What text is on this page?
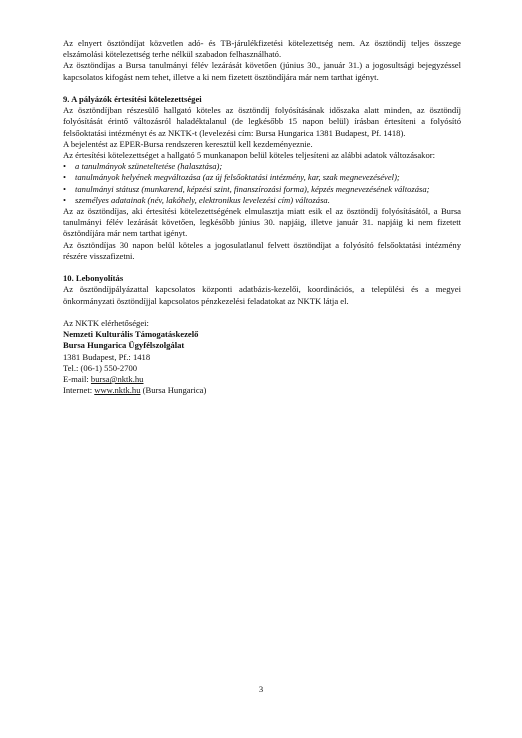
Az elnyert ösztöndíjat közvetlen adó- és TB-járulékfizetési kötelezettség nem. Az ösztöndíj teljes összege elszámolási kötelezettség terhe nélkül szabadon felhasználható.

Az ösztöndíjas a Bursa tanulmányi félév lezárását követően (június 30., január 31.) a jogosultsági bejegyzéssel kapcsolatos kifogást nem tehet, illetve a ki nem fizetett ösztöndíjára már nem tarthat igényt.

9. A pályázók értesítési kötelezettségei

Az ösztöndíjban részesülő hallgató köteles az ösztöndíj folyósításának időszaka alatt minden, az ösztöndíj folyósítását érintő változásról haladéktalanul (de legkésőbb 15 napon belül) írásban értesíteni a folyósító felsőoktatási intézményt és az NKTK-t (levelezési cím: Bursa Hungarica 1381 Budapest, Pf. 1418).

A bejelentést az EPER-Bursa rendszeren keresztül kell kezdeményeznie.

Az értesítési kötelezettséget a hallgató 5 munkanapon belül köteles teljesíteni az alábbi adatok változásakor:

• a tanulmányok szüneteltetése (halasztása);
• tanulmányok helyének megváltozása (az új felsőoktatási intézmény, kar, szak megnevezésével);
• tanulmányi státusz (munkarend, képzési szint, finanszírozási forma), képzés megnevezésének változása;
• személyes adatainak (név, lakóhely, elektronikus levelezési cím) változása.

Az az ösztöndíjas, aki értesítési kötelezettségének elmulasztja miatt esik el az ösztöndíj folyósításától, a Bursa tanulmányi félév lezárását követően, legkésőbb június 30. napjáig, illetve január 31. napjáig ki nem fizetett ösztöndíjára már nem tarthat igényt.

Az ösztöndíjas 30 napon belül köteles a jogosulatlanul felvett ösztöndíjat a folyósító felsőoktatási intézmény részére visszafizetni.

10. Lebonyolítás

Az ösztöndíjpályázattal kapcsolatos központi adatbázis-kezelői, koordinációs, a települési és a megyei önkormányzati ösztöndíjjal kapcsolatos pénzkezelési feladatokat az NKTK látja el.

Az NKTK elérhetőségei:
Nemzeti Kulturális Támogatáskezelő
Bursa Hungarica Ügyfélszolgálat
1381 Budapest, Pf.: 1418
Tel.: (06-1) 550-2700
E-mail: bursa@nktk.hu
Internet: www.nktk.hu (Bursa Hungarica)
3
